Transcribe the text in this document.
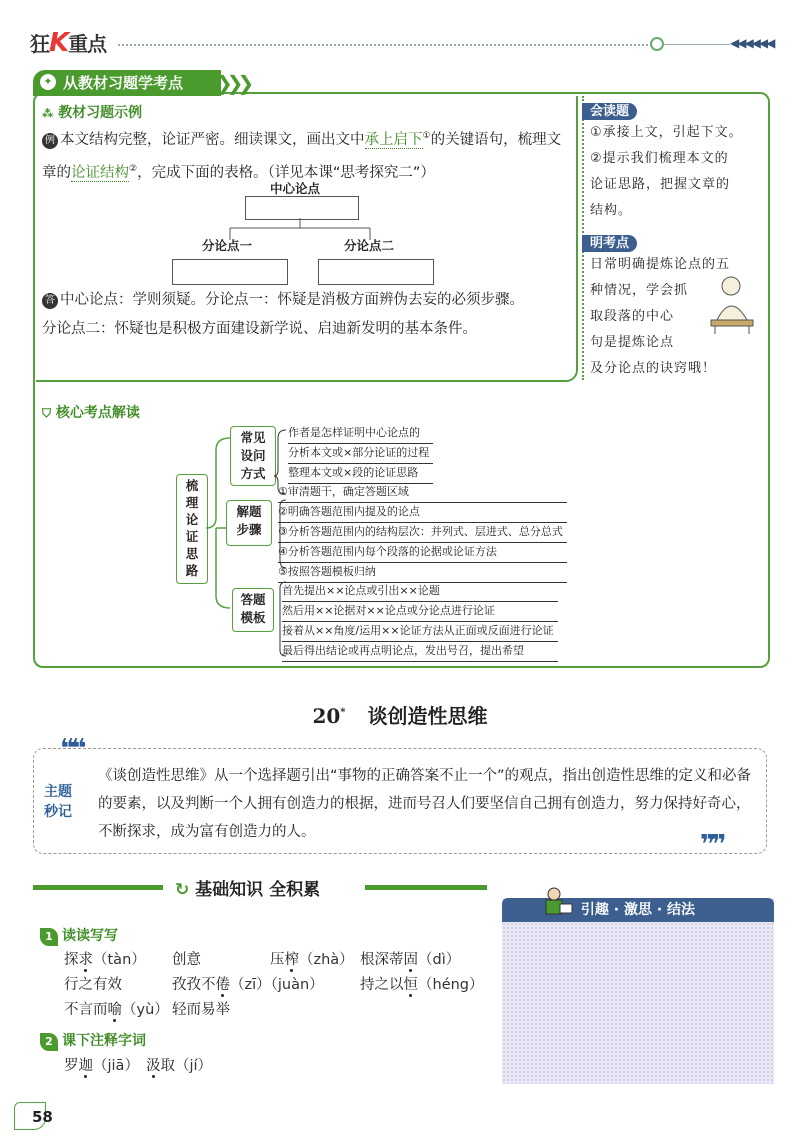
狂K重点	◀◀◀◀◀◀
从教材习题学考点
✦	❯❯❯
⁂ 教材习题示例
例 本文结构完整，论证严密。细读课文，画出文中承上启下①的关键语句，梳理文章的论证结构②，完成下面的表格。（详见本课“思考探究二”）
中心论点
分论点一	分论点二
答 中心论点：学则须疑。分论点一：怀疑是消极方面辨伪去妄的必须步骤。
分论点二：怀疑也是积极方面建设新学说、启迪新发明的基本条件。
会读题
①承接上文，引起下文。
②提示我们梳理本文的
论证思路，把握文章的
结构。
明考点
日常明确提炼论点的五
种情况，学会抓
取段落的中心
句是提炼论点
及分论点的诀窍哦！
⛉ 核心考点解读
梳理论证思路
常见设问方式
解题步骤
答题模板
作者是怎样证明中心论点的
分析本文或×部分论证的过程
整理本文或×段的论证思路
①审清题干，确定答题区域
②明确答题范围内提及的论点
③分析答题范围内的结构层次：并列式、层进式、总分总式
④分析答题范围内每个段落的论据或论证方法
⑤按照答题模板归纳
首先提出××论点或引出××论题
然后用××论据对××论点或分论点进行论证
接着从××角度/运用××论证方法从正面或反面进行论证
最后得出结论或再点明论点，发出号召，提出希望
20* 谈创造性思维
❝❝
❞❞
主题
秒记
《谈创造性思维》从一个选择题引出“事物的正确答案不止一个”的观点，指出创造性思维的定义和必备的要素，以及判断一个人拥有创造力的根据，进而号召人们要坚信自己拥有创造力，努力保持好奇心，不断探求，成为富有创造力的人。
↻ 基础知识 全积累
1 读读写写
探求（tàn） 创意	压榨（zhà） 根深蒂固（dì）
行之有效	孜孜不倦（zī）（juàn）	持之以恒（héng）
不言而喻（yù） 轻而易举
2 课下注释字词
罗迦（jiā） 汲取（jí）
引趣 · 激思 · 结法
58
